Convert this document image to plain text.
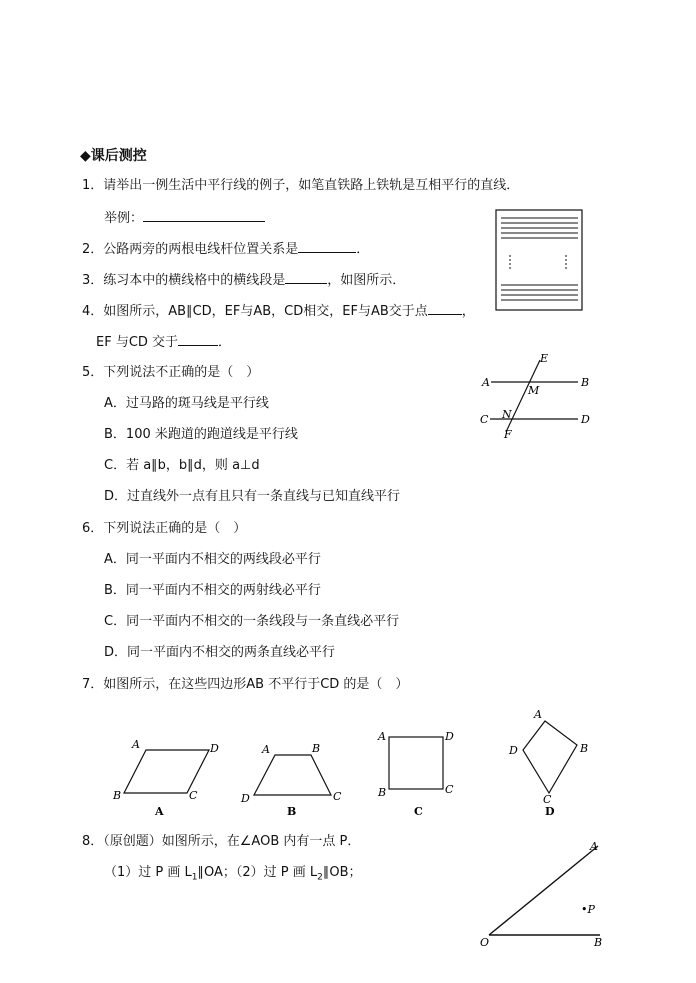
◆课后测控
1．请举出一例生活中平行线的例子，如笔直铁路上铁轨是互相平行的直线．
举例：
2．公路两旁的两根电线杆位置关系是	．
3．练习本中的横线格中的横线段是	，如图所示．
4．如图所示，AB∥CD，EF与AB，CD相交，EF与AB交于点	，
EF 与CD 交于	．
5．下列说法不正确的是（　）
A．过马路的斑马线是平行线
B．100 米跑道的跑道线是平行线
C．若 a∥b，b∥d，则 a⊥d
D．过直线外一点有且只有一条直线与已知直线平行
6．下列说法正确的是（　）
A．同一平面内不相交的两线段必平行
B．同一平面内不相交的两射线必平行
C．同一平面内不相交的一条线段与一条直线必平行
D．同一平面内不相交的两条直线必平行
7．如图所示，在这些四边形AB 不平行于CD 的是（　）
8．（原创题）如图所示，在∠AOB 内有一点 P．
（1）过 P 画 $L_1\parallel OA$；（2）过 P 画 $L_2\parallel OB$；
A	B
C	D
E
F
M
N
A	D
B	C
A
A	B
D	C
B
A	D
B	C
C
A
D	B
C
D
A
O	B
•P
